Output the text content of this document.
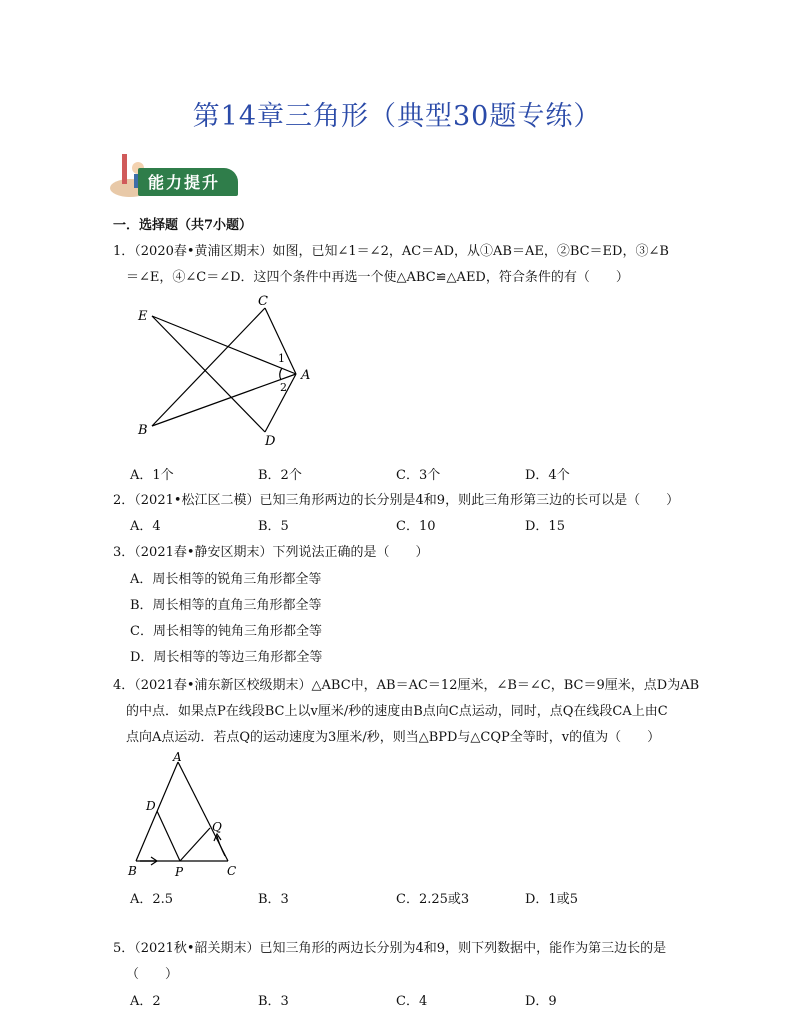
第14章三角形（典型30题专练）
能力提升
一．选择题（共7小题）
1．（2020春•黄浦区期末）如图，已知∠1＝∠2，AC＝AD，从①AB＝AE，②BC＝ED，③∠B
＝∠E，④∠C＝∠D．这四个条件中再选一个使△ABC≌△AED，符合条件的有（　　）
E
C
A
B
D
1
2
A．1个	B．2个	C．3个	D．4个
2．（2021•松江区二模）已知三角形两边的长分别是4和9，则此三角形第三边的长可以是（　　）
A．4	B．5	C．10	D．15
3．（2021春•静安区期末）下列说法正确的是（　　）
A．周长相等的锐角三角形都全等
B．周长相等的直角三角形都全等
C．周长相等的钝角三角形都全等
D．周长相等的等边三角形都全等
4．（2021春•浦东新区校级期末）△ABC中，AB＝AC＝12厘米，∠B＝∠C，BC＝9厘米，点D为AB
的中点．如果点P在线段BC上以v厘米/秒的速度由B点向C点运动，同时，点Q在线段CA上由C
点向A点运动．若点Q的运动速度为3厘米/秒，则当△BPD与△CQP全等时，v的值为（　　）
A
D
Q
B	P	C
A．2.5	B．3	C．2.25或3	D．1或5
5．（2021秋•韶关期末）已知三角形的两边长分别为4和9，则下列数据中，能作为第三边长的是
（　　）
A．2	B．3	C．4	D．9
